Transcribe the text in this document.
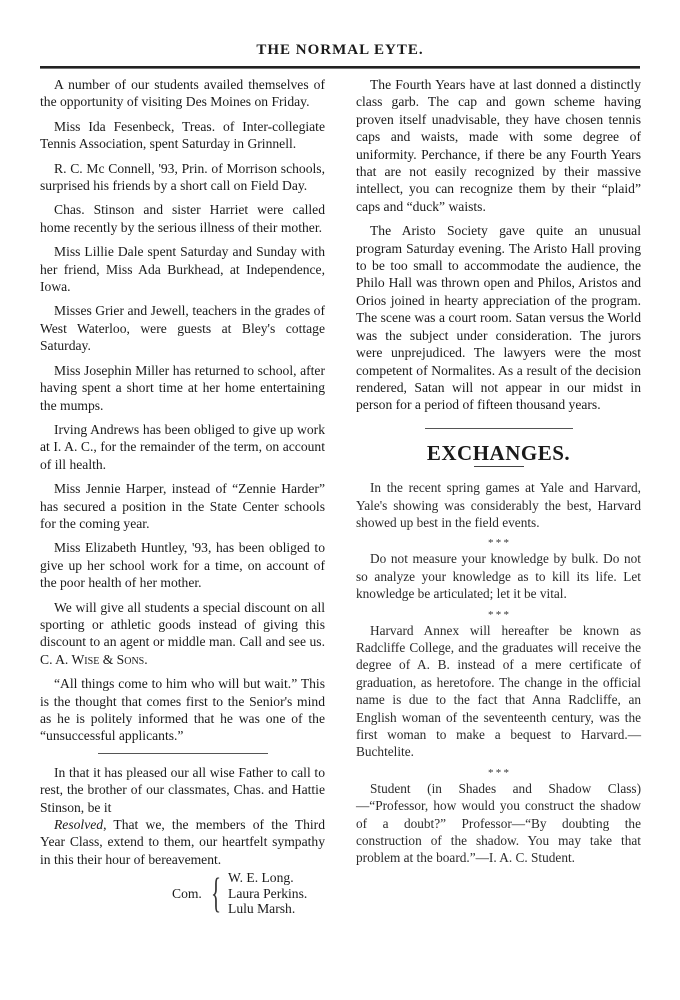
THE NORMAL EYTE.

A number of our students availed themselves of the opportunity of visiting Des Moines on Friday.

Miss Ida Fesenbeck, Treas. of Inter-collegiate Tennis Association, spent Saturday in Grinnell.

R. C. Mc Connell, '93, Prin. of Morrison schools, surprised his friends by a short call on Field Day.

Chas. Stinson and sister Harriet were called home recently by the serious illness of their mother.

Miss Lillie Dale spent Saturday and Sunday with her friend, Miss Ada Burkhead, at Independence, Iowa.

Misses Grier and Jewell, teachers in the grades of West Waterloo, were guests at Bley's cottage Saturday.

Miss Josephin Miller has returned to school, after having spent a short time at her home entertaining the mumps.

Irving Andrews has been obliged to give up work at I. A. C., for the remainder of the term, on account of ill health.

Miss Jennie Harper, instead of “Zennie Harder” has secured a position in the State Center schools for the coming year.

Miss Elizabeth Huntley, '93, has been obliged to give up her school work for a time, on account of the poor health of her mother.

We will give all students a special discount on all sporting or athletic goods instead of giving this discount to an agent or middle man. Call and see us. C. A. Wise & Sons.

“All things come to him who will but wait.” This is the thought that comes first to the Senior's mind as he is politely informed that he was one of the “unsuccessful applicants.”

In that it has pleased our all wise Father to call to rest, the brother of our classmates, Chas. and Hattie Stinson, be it

Resolved, That we, the members of the Third Year Class, extend to them, our heartfelt sympathy in this their hour of bereavement.

Com. { W. E. Long.
Laura Perkins.
Lulu Marsh.

The Fourth Years have at last donned a distinctly class garb. The cap and gown scheme having proven itself unadvisable, they have chosen tennis caps and waists, made with some degree of uniformity. Perchance, if there be any Fourth Years that are not easily recognized by their massive intellect, you can recognize them by their “plaid” caps and “duck” waists.

The Aristo Society gave quite an unusual program Saturday evening. The Aristo Hall proving to be too small to accommodate the audience, the Philo Hall was thrown open and Philos, Aristos and Orios joined in hearty appreciation of the program. The scene was a court room. Satan versus the World was the subject under consideration. The jurors were unprejudiced. The lawyers were the most competent of Normalites. As a result of the decision rendered, Satan will not appear in our midst in person for a period of fifteen thousand years.

EXCHANGES.

In the recent spring games at Yale and Harvard, Yale's showing was considerably the best, Harvard showed up best in the field events.

* * *

Do not measure your knowledge by bulk. Do not so analyze your knowledge as to kill its life. Let knowledge be articulated; let it be vital.

* * *

Harvard Annex will hereafter be known as Radcliffe College, and the graduates will receive the degree of A. B. instead of a mere certificate of graduation, as heretofore. The change in the official name is due to the fact that Anna Radcliffe, an English woman of the seventeenth century, was the first woman to make a bequest to Harvard.—Buchtelite.

* * *

Student (in Shades and Shadow Class)—“Professor, how would you construct the shadow of a doubt?” Professor—“By doubting the construction of the shadow. You may take that problem at the board.”—I. A. C. Student.
